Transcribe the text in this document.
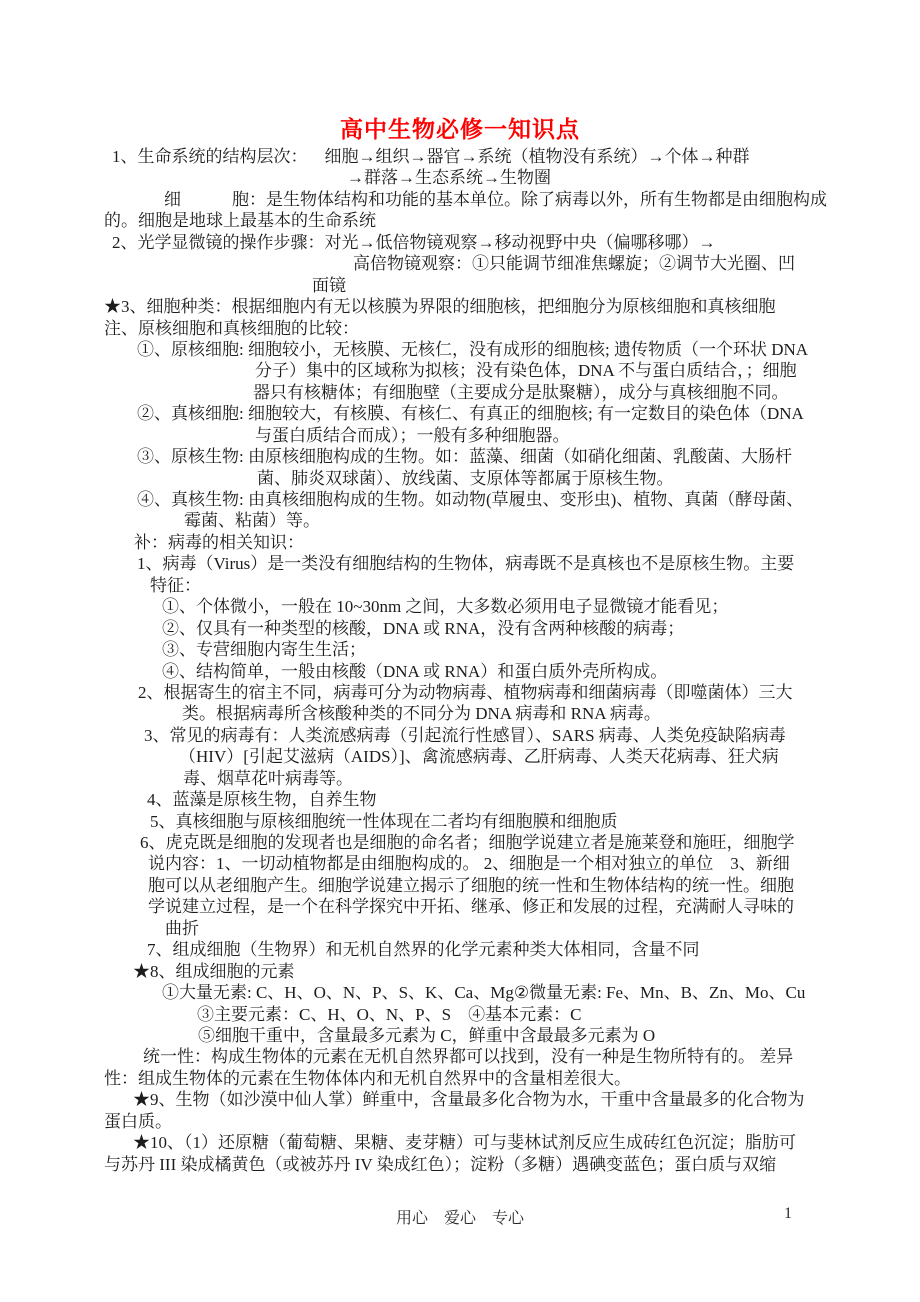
高中生物必修一知识点
1、生命系统的结构层次：    细胞→组织→器官→系统（植物没有系统）→个体→种群
→群落→生态系统→生物圈
细　　　胞：是生物体结构和功能的基本单位。除了病毒以外，所有生物都是由细胞构成
的。细胞是地球上最基本的生命系统
2、光学显微镜的操作步骤：对光→低倍物镜观察→移动视野中央（偏哪移哪）→
高倍物镜观察：①只能调节细准焦螺旋；②调节大光圈、凹
面镜
★3、细胞种类：根据细胞内有无以核膜为界限的细胞核，把细胞分为原核细胞和真核细胞
注、原核细胞和真核细胞的比较：
①、原核细胞: 细胞较小，无核膜、无核仁，没有成形的细胞核; 遗传物质（一个环状 DNA
分子）集中的区域称为拟核；没有染色体，DNA 不与蛋白质结合，；细胞
器只有核糖体；有细胞壁（主要成分是肽聚糖），成分与真核细胞不同。
②、真核细胞: 细胞较大，有核膜、有核仁、有真正的细胞核; 有一定数目的染色体（DNA
与蛋白质结合而成）；一般有多种细胞器。
③、原核生物: 由原核细胞构成的生物。如：蓝藻、细菌（如硝化细菌、乳酸菌、大肠杆
菌、肺炎双球菌）、放线菌、支原体等都属于原核生物。
④、真核生物: 由真核细胞构成的生物。如动物(草履虫、变形虫)、植物、真菌（酵母菌、
霉菌、粘菌）等。
补：病毒的相关知识：
1、病毒（Virus）是一类没有细胞结构的生物体，病毒既不是真核也不是原核生物。主要
特征：
①、个体微小，一般在 10~30nm 之间，大多数必须用电子显微镜才能看见；
②、仅具有一种类型的核酸，DNA 或 RNA，没有含两种核酸的病毒；
③、专营细胞内寄生生活；
④、结构简单，一般由核酸（DNA 或 RNA）和蛋白质外壳所构成。
2、根据寄生的宿主不同，病毒可分为动物病毒、植物病毒和细菌病毒（即噬菌体）三大
类。根据病毒所含核酸种类的不同分为 DNA 病毒和 RNA 病毒。
3、常见的病毒有：人类流感病毒（引起流行性感冒）、SARS 病毒、人类免疫缺陷病毒
（HIV）[引起艾滋病（AIDS）]、禽流感病毒、乙肝病毒、人类天花病毒、狂犬病
毒、烟草花叶病毒等。
4、蓝藻是原核生物，自养生物
5、真核细胞与原核细胞统一性体现在二者均有细胞膜和细胞质
6、虎克既是细胞的发现者也是细胞的命名者；细胞学说建立者是施莱登和施旺，细胞学
说内容：1、一切动植物都是由细胞构成的。 2、细胞是一个相对独立的单位　3、新细
胞可以从老细胞产生。细胞学说建立揭示了细胞的统一性和生物体结构的统一性。细胞
学说建立过程，是一个在科学探究中开拓、继承、修正和发展的过程，充满耐人寻味的
曲折
7、组成细胞（生物界）和无机自然界的化学元素种类大体相同，含量不同
★8、组成细胞的元素
①大量无素: C、H、O、N、P、S、K、Ca、Mg②微量无素: Fe、Mn、B、Zn、Mo、Cu
③主要元素：C、H、O、N、P、S　④基本元素：C
⑤细胞干重中，含量最多元素为 C，鲜重中含最最多元素为 O
统一性：构成生物体的元素在无机自然界都可以找到，没有一种是生物所特有的。 差异
性：组成生物体的元素在生物体体内和无机自然界中的含量相差很大。
★9、生物（如沙漠中仙人掌）鲜重中，含量最多化合物为水，干重中含量最多的化合物为
蛋白质。
★10、（1）还原糖（葡萄糖、果糖、麦芽糖）可与斐林试剂反应生成砖红色沉淀；脂肪可
与苏丹 III 染成橘黄色（或被苏丹 IV 染成红色）；淀粉（多糖）遇碘变蓝色；蛋白质与双缩
用心　爱心　专心	1
